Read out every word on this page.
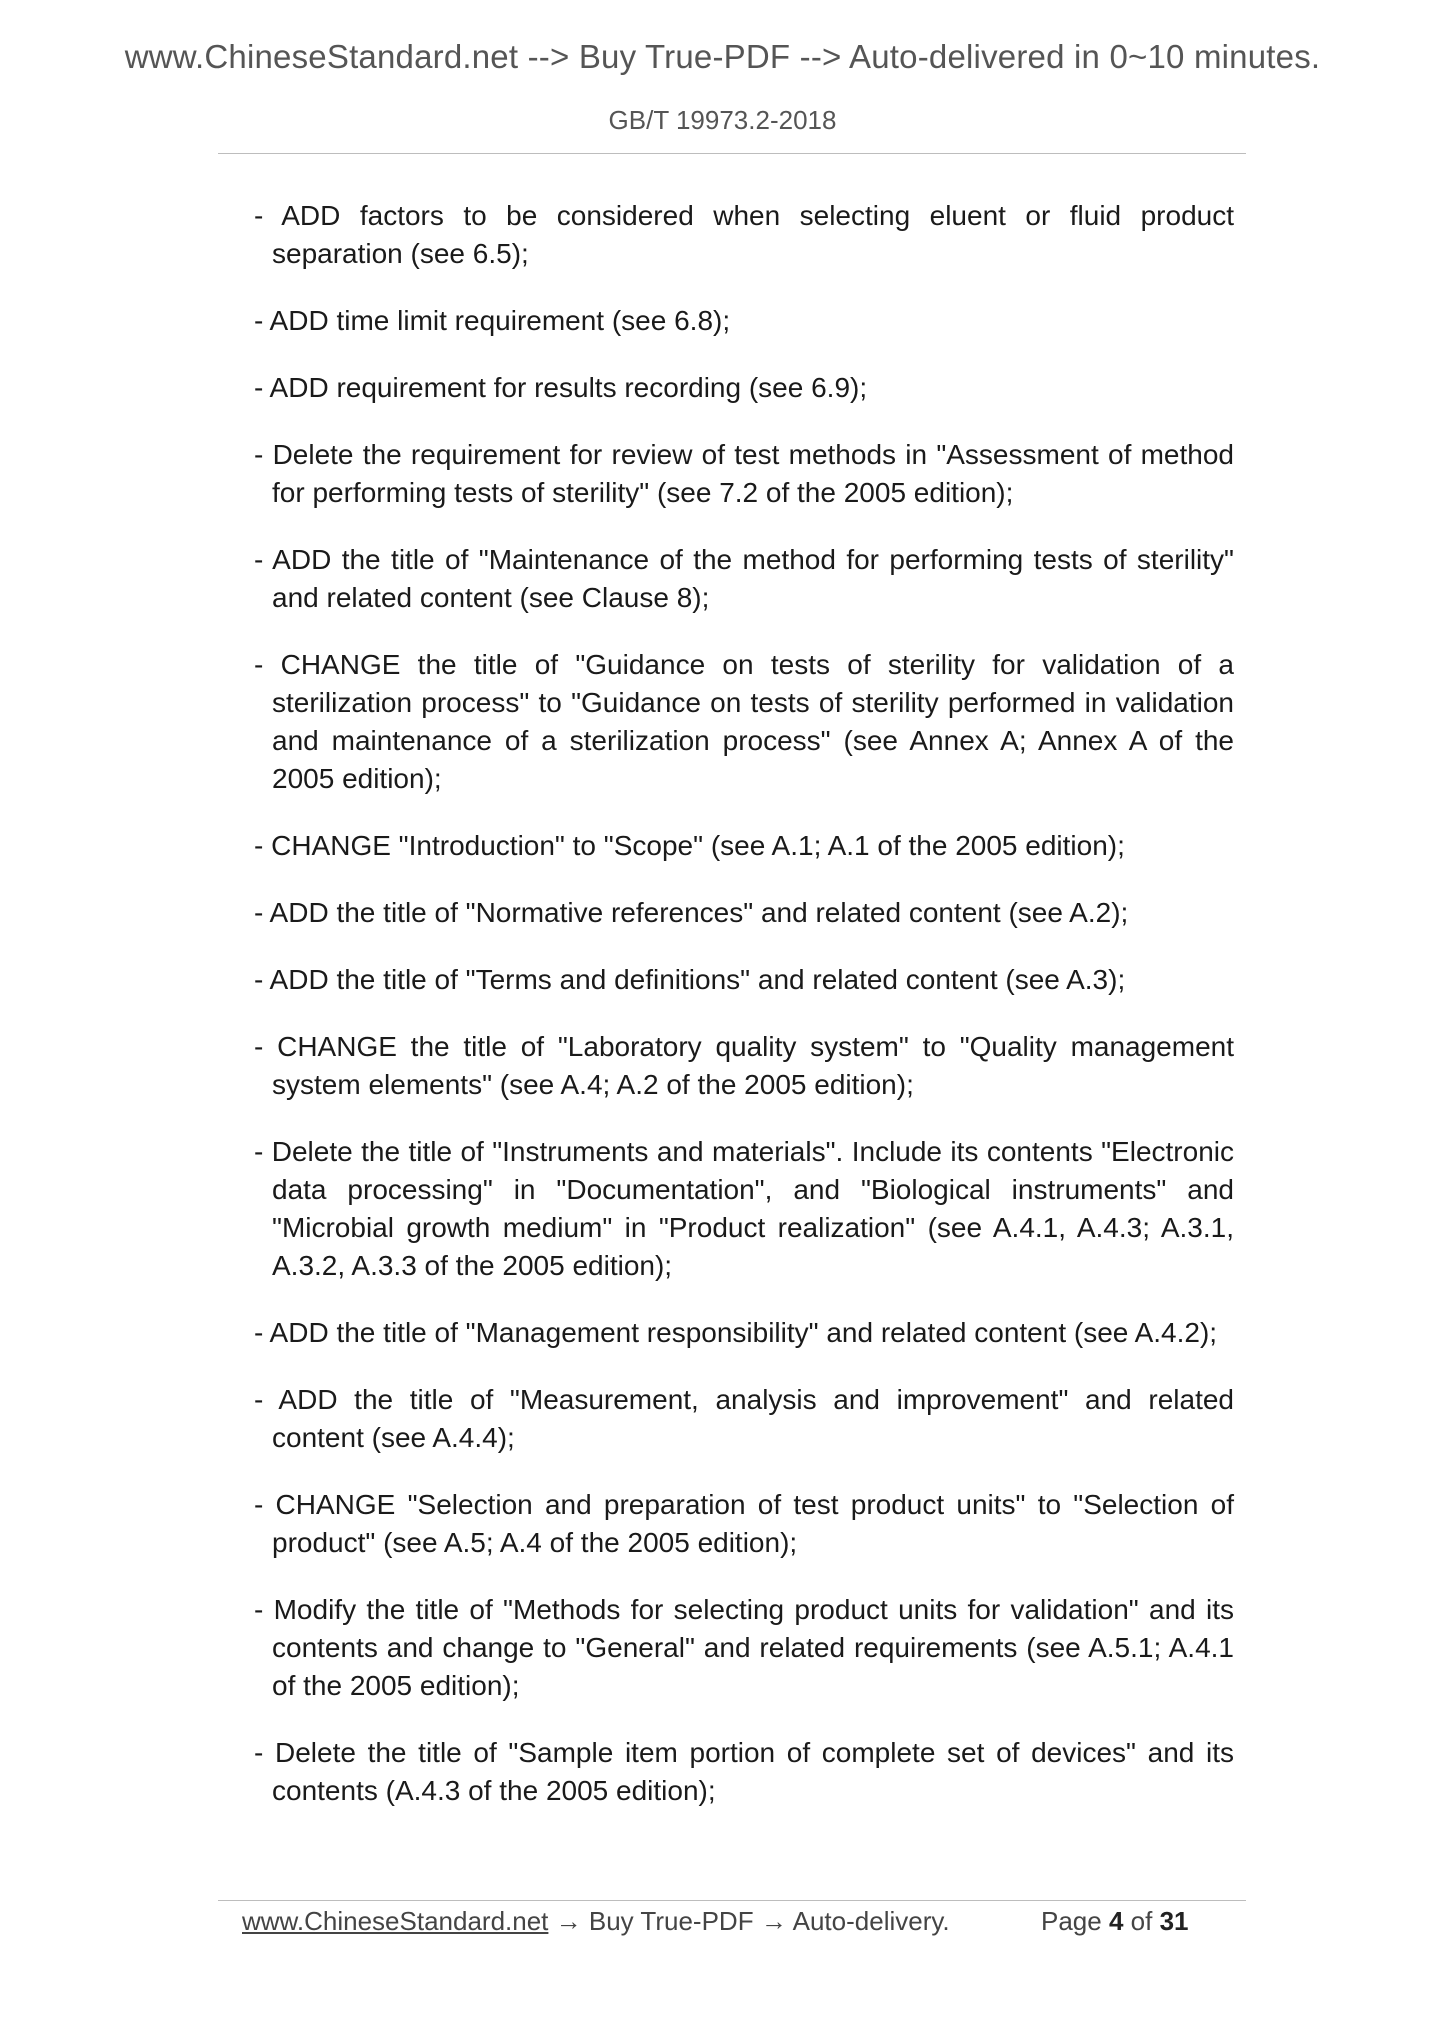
www.ChineseStandard.net --> Buy True-PDF --> Auto-delivered in 0~10 minutes.
GB/T 19973.2-2018

- ADD factors to be considered when selecting eluent or fluid product separation (see 6.5);

- ADD time limit requirement (see 6.8);

- ADD requirement for results recording (see 6.9);

- Delete the requirement for review of test methods in "Assessment of method for performing tests of sterility" (see 7.2 of the 2005 edition);

- ADD the title of "Maintenance of the method for performing tests of sterility" and related content (see Clause 8);

- CHANGE the title of "Guidance on tests of sterility for validation of a sterilization process" to "Guidance on tests of sterility performed in validation and maintenance of a sterilization process" (see Annex A; Annex A of the 2005 edition);

- CHANGE "Introduction" to "Scope" (see A.1; A.1 of the 2005 edition);

- ADD the title of "Normative references" and related content (see A.2);

- ADD the title of "Terms and definitions" and related content (see A.3);

- CHANGE the title of "Laboratory quality system" to "Quality management system elements" (see A.4; A.2 of the 2005 edition);

- Delete the title of "Instruments and materials". Include its contents "Electronic data processing" in "Documentation", and "Biological instruments" and "Microbial growth medium" in "Product realization" (see A.4.1, A.4.3; A.3.1, A.3.2, A.3.3 of the 2005 edition);

- ADD the title of "Management responsibility" and related content (see A.4.2);

- ADD the title of "Measurement, analysis and improvement" and related content (see A.4.4);

- CHANGE "Selection and preparation of test product units" to "Selection of product" (see A.5; A.4 of the 2005 edition);

- Modify the title of "Methods for selecting product units for validation" and its contents and change to "General" and related requirements (see A.5.1; A.4.1 of the 2005 edition);

- Delete the title of "Sample item portion of complete set of devices" and its contents (A.4.3 of the 2005 edition);

www.ChineseStandard.net → Buy True-PDF → Auto-delivery.	Page 4 of 31
